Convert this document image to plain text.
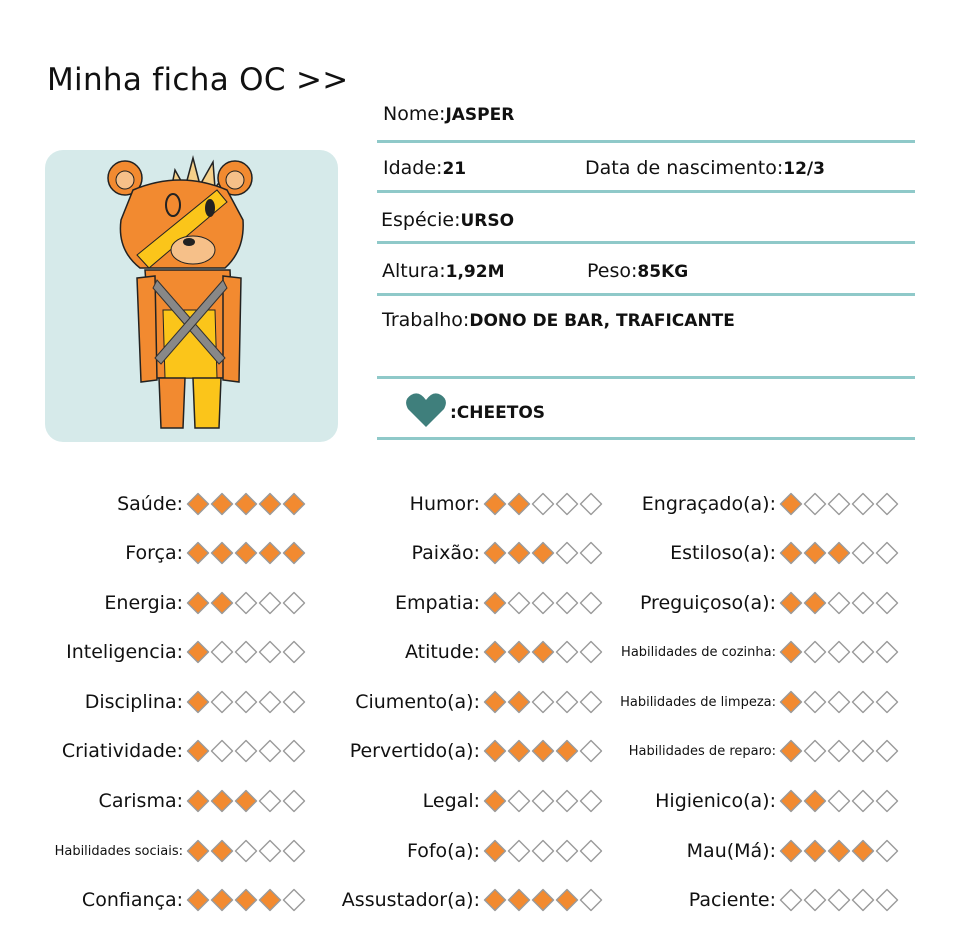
Minha ficha OC >>
Nome:JASPER
Idade:21	Data de nascimento:12/3
Espécie:URSO
Altura:1,92M	Peso:85KG
Trabalho:DONO DE BAR, TRAFICANTE
:CHEETOS
Saúde:
Força:
Energia:
Inteligencia:
Disciplina:
Criatividade:
Carisma:
Habilidades sociais:
Confiança:
Humor:
Paixão:
Empatia:
Atitude:
Ciumento(a):
Pervertido(a):
Legal:
Fofo(a):
Assustador(a):
Engraçado(a):
Estiloso(a):
Preguiçoso(a):
Habilidades de cozinha:
Habilidades de limpeza:
Habilidades de reparo:
Higienico(a):
Mau(Má):
Paciente:
